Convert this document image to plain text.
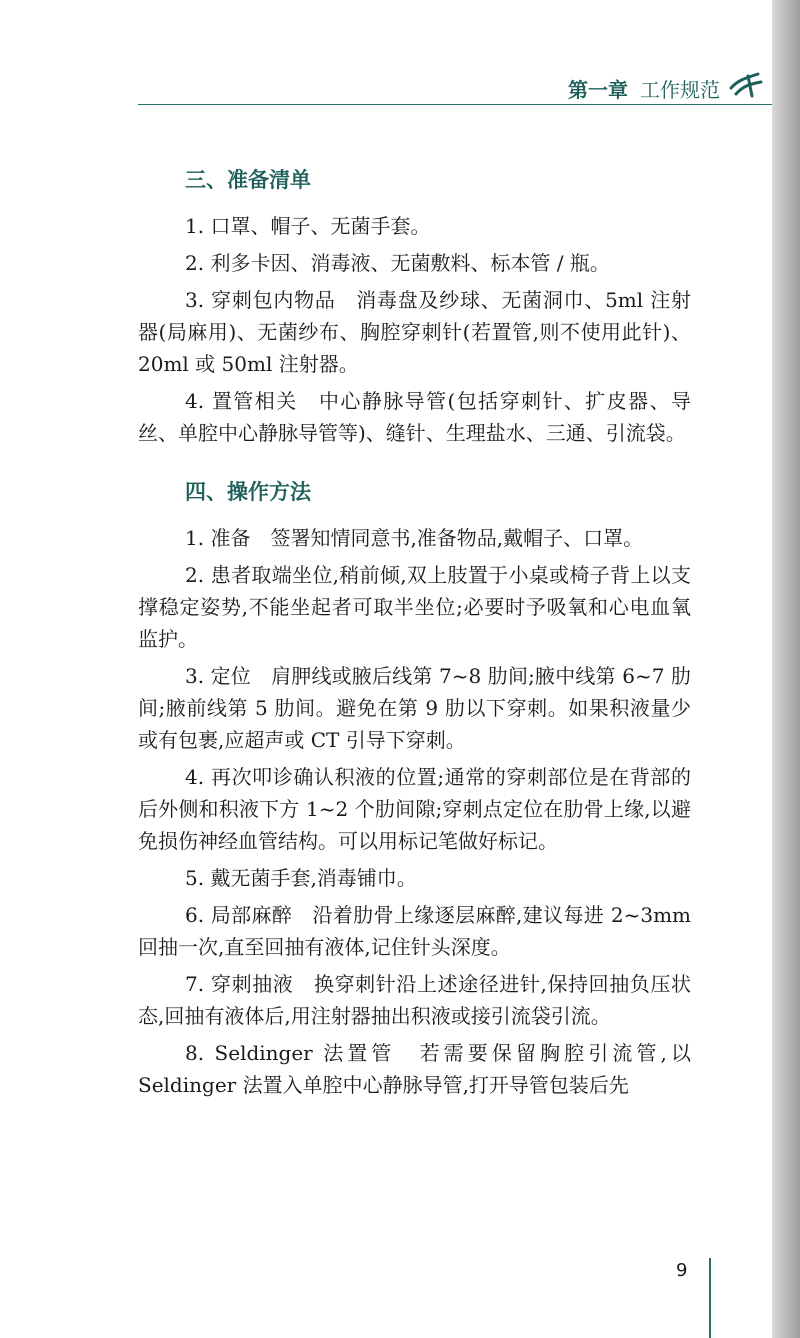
第一章 工作规范
三、准备清单

1. 口罩、帽子、无菌手套。

2. 利多卡因、消毒液、无菌敷料、标本管 / 瓶。

3. 穿刺包内物品　消毒盘及纱球、无菌洞巾、5ml 注射器(局麻用)、无菌纱布、胸腔穿刺针(若置管,则不使用此针)、20ml 或 50ml 注射器。

4. 置管相关　中心静脉导管(包括穿刺针、扩皮器、导丝、单腔中心静脉导管等)、缝针、生理盐水、三通、引流袋。

四、操作方法

1. 准备　签署知情同意书,准备物品,戴帽子、口罩。

2. 患者取端坐位,稍前倾,双上肢置于小桌或椅子背上以支撑稳定姿势,不能坐起者可取半坐位;必要时予吸氧和心电血氧监护。

3. 定位　肩胛线或腋后线第 7~8 肋间;腋中线第 6~7 肋间;腋前线第 5 肋间。避免在第 9 肋以下穿刺。如果积液量少或有包裹,应超声或 CT 引导下穿刺。

4. 再次叩诊确认积液的位置;通常的穿刺部位是在背部的后外侧和积液下方 1~2 个肋间隙;穿刺点定位在肋骨上缘,以避免损伤神经血管结构。可以用标记笔做好标记。

5. 戴无菌手套,消毒铺巾。

6. 局部麻醉　沿着肋骨上缘逐层麻醉,建议每进 2~3mm 回抽一次,直至回抽有液体,记住针头深度。

7. 穿刺抽液　换穿刺针沿上述途径进针,保持回抽负压状态,回抽有液体后,用注射器抽出积液或接引流袋引流。

8. Seldinger 法置管　若需要保留胸腔引流管,以 Seldinger 法置入单腔中心静脉导管,打开导管包装后先

9
